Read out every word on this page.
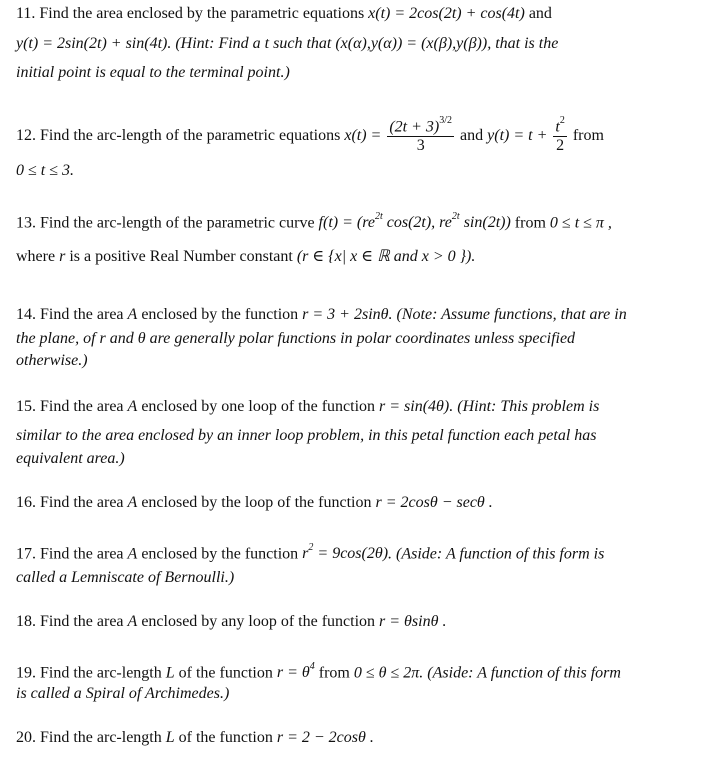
11. Find the area enclosed by the parametric equations x(t) = 2cos(2t) + cos(4t) and
y(t) = 2sin(2t) + sin(4t). (Hint: Find a t such that (x(α),y(α)) = (x(β),y(β)), that is the
initial point is equal to the terminal point.)
12. Find the arc-length of the parametric equations $x(t) = \frac{(2t + 3)^{3/2}}{3}$ and $y(t) = t + \frac{t^2}{2}$ from
0 ≤ t ≤ 3.
13. Find the arc-length of the parametric curve $f(t) = (re^{2t}$ cos(2t), $re^{2t}$ sin(2t)) from 0 ≤ t ≤ π ,
where r is a positive Real Number constant (r ∈ {x| x ∈ ℝ and x > 0 }).
14. Find the area A enclosed by the function r = 3 + 2sinθ. (Note: Assume functions, that are in
the plane, of r and θ are generally polar functions in polar coordinates unless specified
otherwise.)
15. Find the area A enclosed by one loop of the function r = sin(4θ). (Hint: This problem is
similar to the area enclosed by an inner loop problem, in this petal function each petal has
equivalent area.)
16. Find the area A enclosed by the loop of the function r = 2cosθ − secθ .
17. Find the area A enclosed by the function $r^2 = 9\cos(2\theta)$. (Aside: A function of this form is
called a Lemniscate of Bernoulli.)
18. Find the area A enclosed by any loop of the function r = θsinθ .
19. Find the arc-length L of the function $r = \theta^4$ from 0 ≤ θ ≤ 2π. (Aside: A function of this form
is called a Spiral of Archimedes.)
20. Find the arc-length L of the function r = 2 − 2cosθ .
